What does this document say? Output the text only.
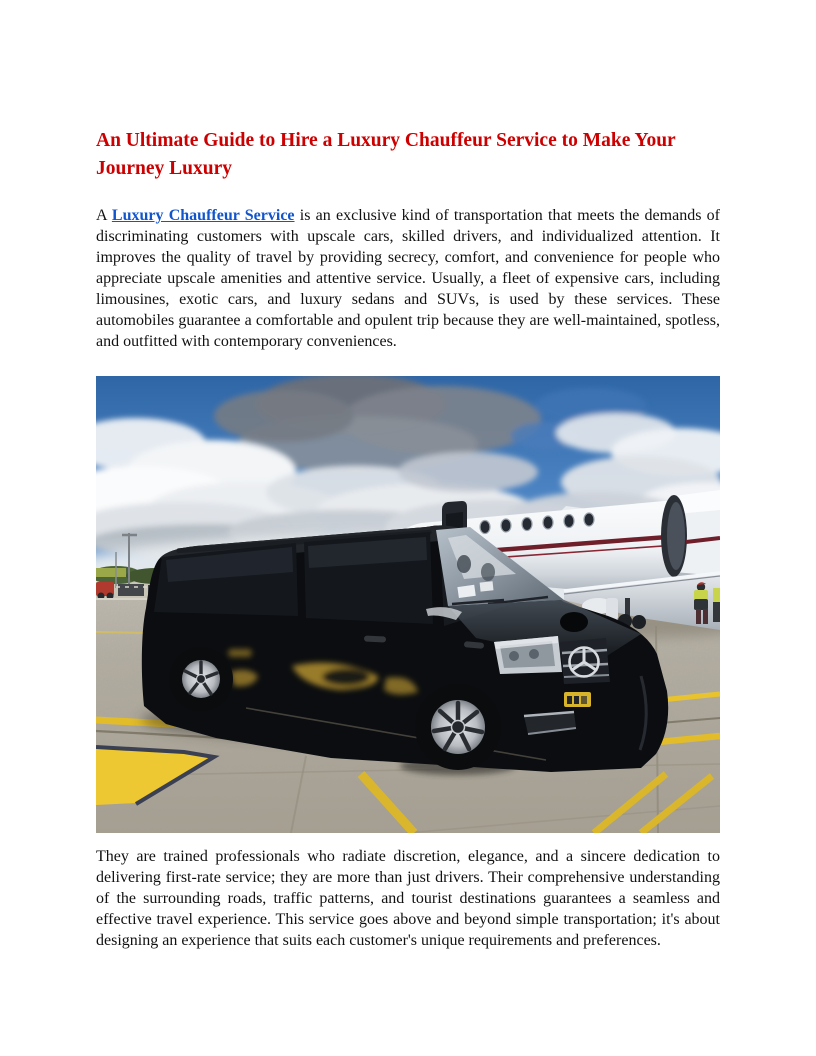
An Ultimate Guide to Hire a Luxury Chauffeur Service to Make Your Journey Luxury

A Luxury Chauffeur Service is an exclusive kind of transportation that meets the demands of discriminating customers with upscale cars, skilled drivers, and individualized attention. It improves the quality of travel by providing secrecy, comfort, and convenience for people who appreciate upscale amenities and attentive service. Usually, a fleet of expensive cars, including limousines, exotic cars, and luxury sedans and SUVs, is used by these services. These automobiles guarantee a comfortable and opulent trip because they are well-maintained, spotless, and outfitted with contemporary conveniences.

They are trained professionals who radiate discretion, elegance, and a sincere dedication to delivering first-rate service; they are more than just drivers. Their comprehensive understanding of the surrounding roads, traffic patterns, and tourist destinations guarantees a seamless and effective travel experience. This service goes above and beyond simple transportation; it's about designing an experience that suits each customer's unique requirements and preferences.
